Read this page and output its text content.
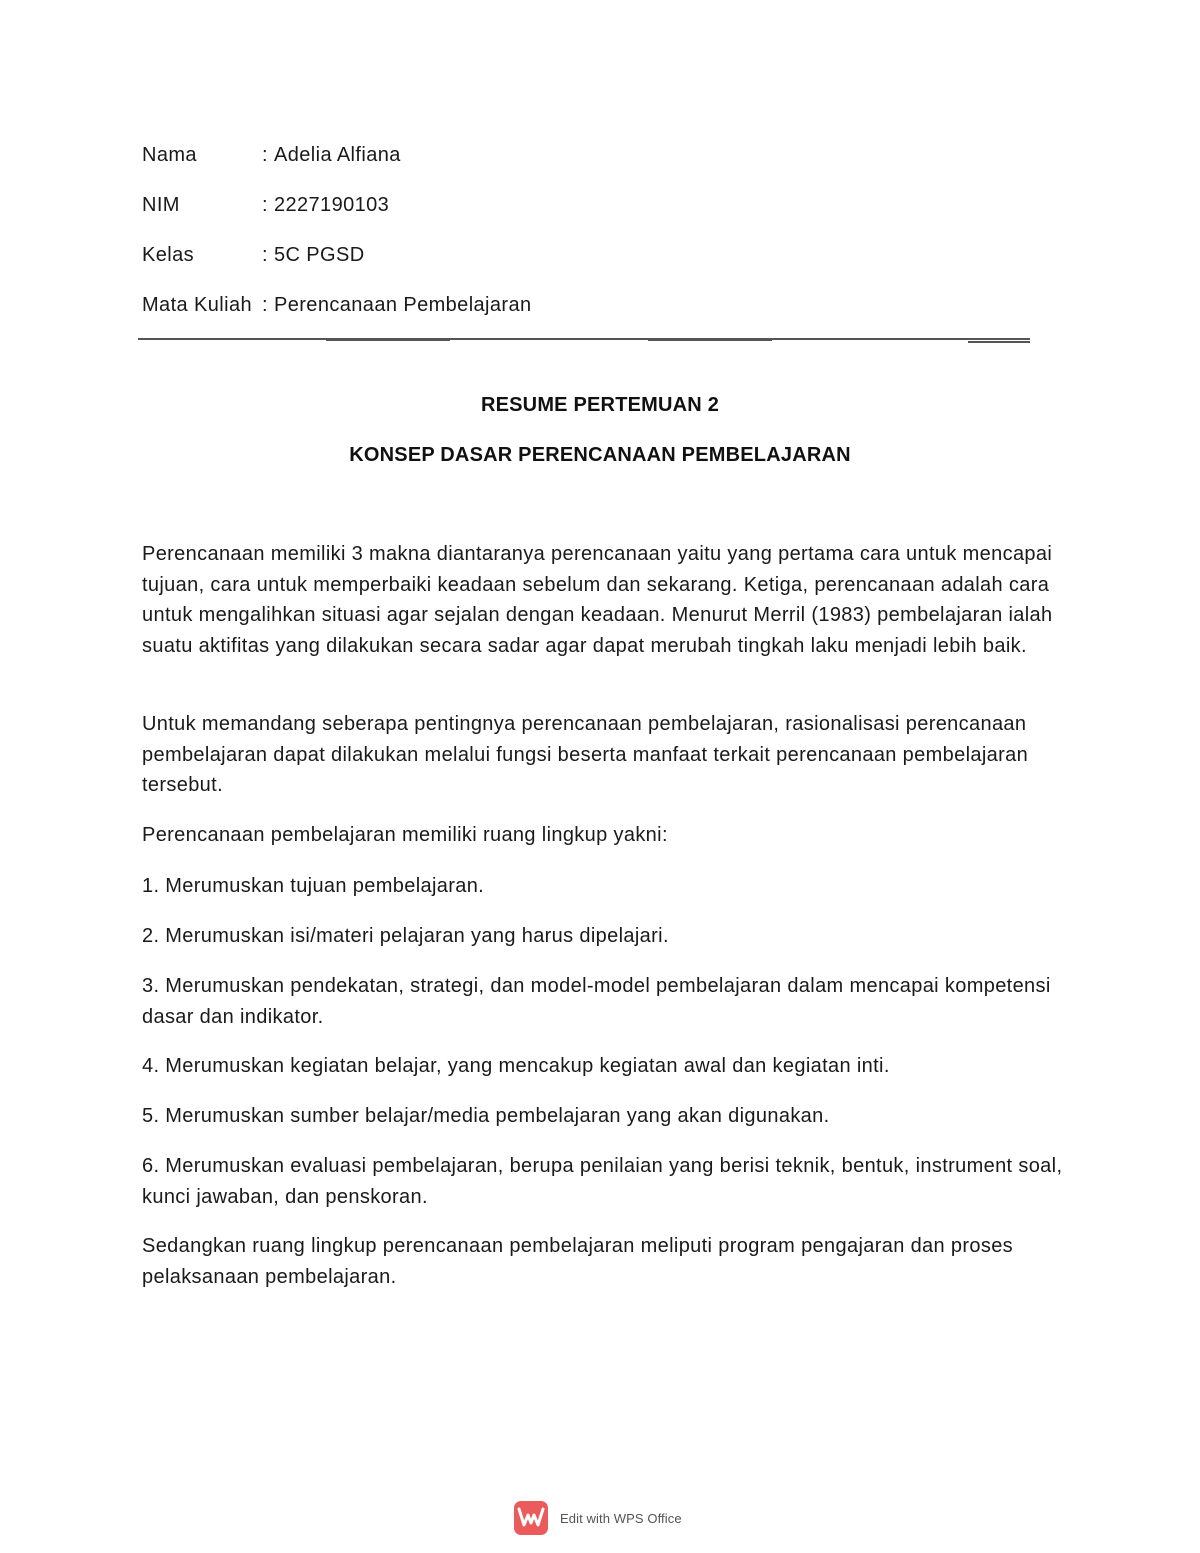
Nama	: Adelia Alfiana
NIM	: 2227190103
Kelas	: 5C PGSD
Mata Kuliah : Perencanaan Pembelajaran
RESUME PERTEMUAN 2
KONSEP DASAR PERENCANAAN PEMBELAJARAN
Perencanaan memiliki 3 makna diantaranya perencanaan yaitu yang pertama cara untuk mencapai tujuan, cara untuk memperbaiki keadaan sebelum dan sekarang. Ketiga, perencanaan adalah cara untuk mengalihkan situasi agar sejalan dengan keadaan. Menurut Merril (1983) pembelajaran ialah suatu aktifitas yang dilakukan secara sadar agar dapat merubah tingkah laku menjadi lebih baik.
Untuk memandang seberapa pentingnya perencanaan pembelajaran, rasionalisasi perencanaan pembelajaran dapat dilakukan melalui fungsi beserta manfaat terkait perencanaan pembelajaran tersebut.
Perencanaan pembelajaran memiliki ruang lingkup yakni:
1. Merumuskan tujuan pembelajaran.
2. Merumuskan isi/materi pelajaran yang harus dipelajari.
3. Merumuskan pendekatan, strategi, dan model-model pembelajaran dalam mencapai kompetensi dasar dan indikator.
4. Merumuskan kegiatan belajar, yang mencakup kegiatan awal dan kegiatan inti.
5. Merumuskan sumber belajar/media pembelajaran yang akan digunakan.
6. Merumuskan evaluasi pembelajaran, berupa penilaian yang berisi teknik, bentuk, instrument soal, kunci jawaban, dan penskoran.
Sedangkan ruang lingkup perencanaan pembelajaran meliputi program pengajaran dan proses pelaksanaan pembelajaran.
Edit with WPS Office
